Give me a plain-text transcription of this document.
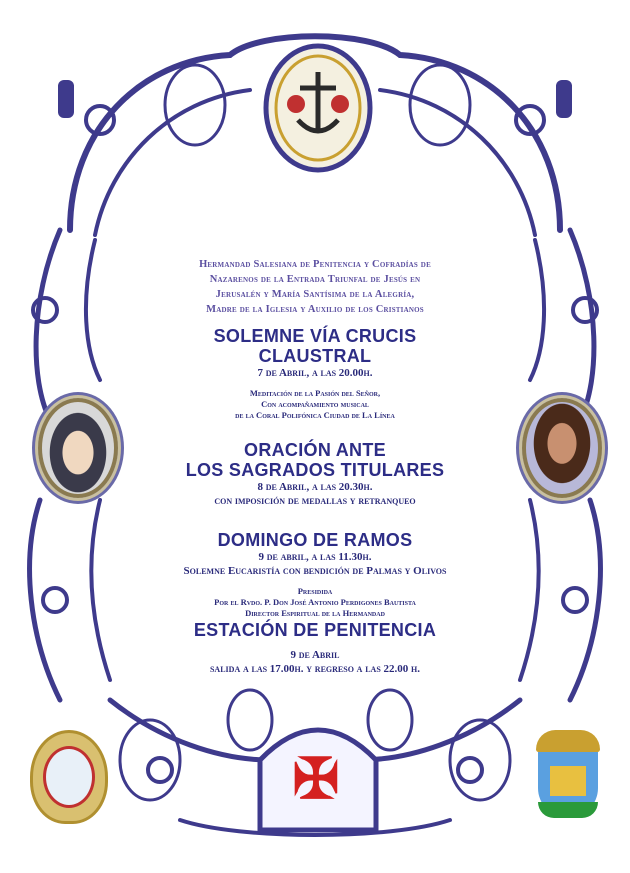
✠
Hermandad Salesiana de Penitencia y Cofradías de
Nazarenos de la Entrada Triunfal de Jesús en
Jerusalén y María Santísima de la Alegría,
Madre de la Iglesia y Auxilio de los Cristianos
SOLEMNE VÍA CRUCIS
CLAUSTRAL
7 de Abril, a las 20.00h.
Meditación de la Pasión del Señor,
Con acompañamiento musical
de la Coral Polifónica Ciudad de La Línea
ORACIÓN ANTE
LOS SAGRADOS TITULARES
8 de Abril, a las 20.30h.
con imposición de medallas y retranqueo
DOMINGO DE RAMOS
9 de abril, a las 11.30h.
Solemne Eucaristía con bendición de Palmas y Olivos
Presidida
Por el Rvdo. P. Don José Antonio Perdigones Bautista
Director Espiritual de la Hermandad
ESTACIÓN DE PENITENCIA
9 de Abril
salida a las 17.00h. y regreso a las 22.00 h.
